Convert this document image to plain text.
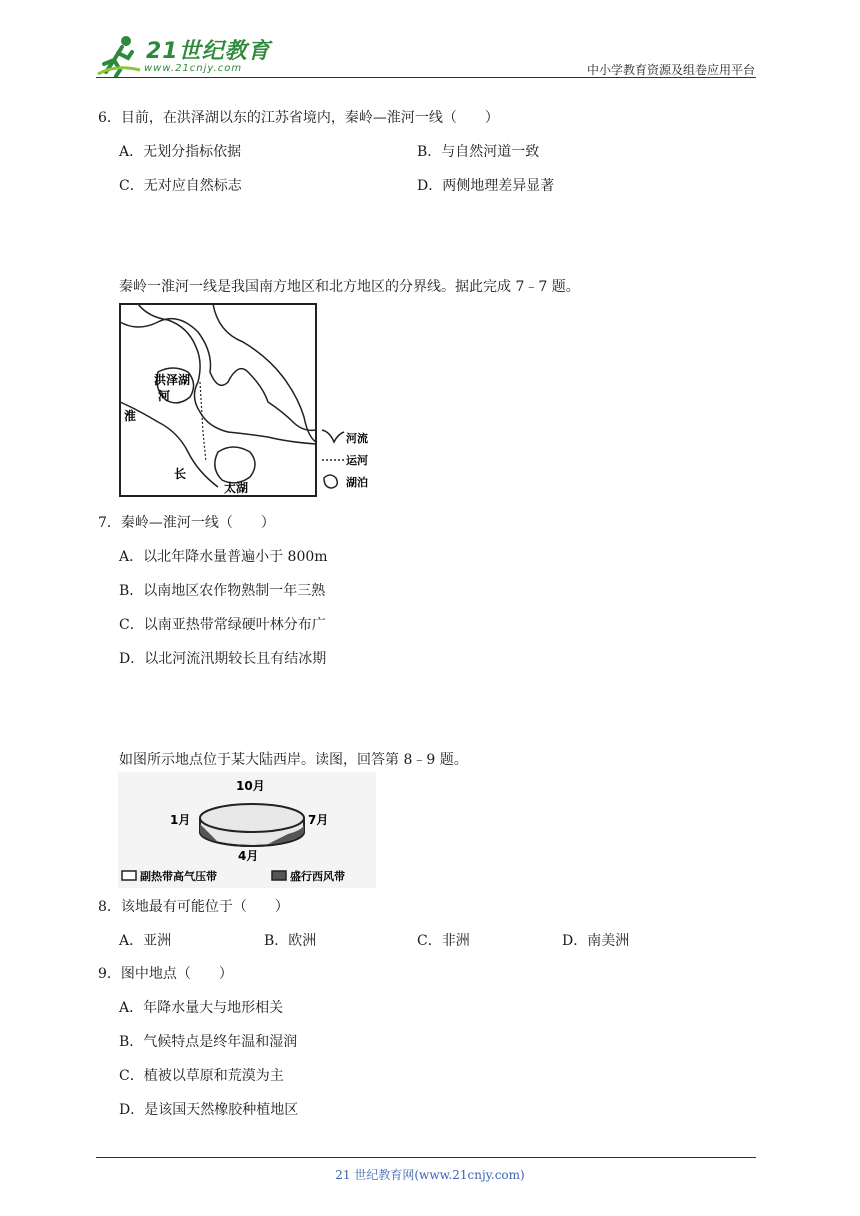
21世纪教育
www.21cnjy.com	中小学教育资源及组卷应用平台
6．目前，在洪泽湖以东的江苏省境内，秦岭—淮河一线（　　）
A．无划分指标依据	B．与自然河道一致
C．无对应自然标志	D．两侧地理差异显著
秦岭一淮河一线是我国南方地区和北方地区的分界线。据此完成 7﹣7 题。
洪泽湖
河
淮
长
太湖
河流
运河
湖泊
7．秦岭—淮河一线（　　）
A．以北年降水量普遍小于 800m
B．以南地区农作物熟制一年三熟
C．以南亚热带常绿硬叶林分布广
D．以北河流汛期较长且有结冰期
如图所示地点位于某大陆西岸。读图，回答第 8﹣9 题。
10月
1月	7月
4月
副热带高气压带	盛行西风带
8．该地最有可能位于（　　）
A．亚洲	B．欧洲	C．非洲	D．南美洲
9．图中地点（　　）
A．年降水量大与地形相关
B．气候特点是终年温和湿润
C．植被以草原和荒漠为主
D．是该国天然橡胶种植地区
21 世纪教育网(www.21cnjy.com)
